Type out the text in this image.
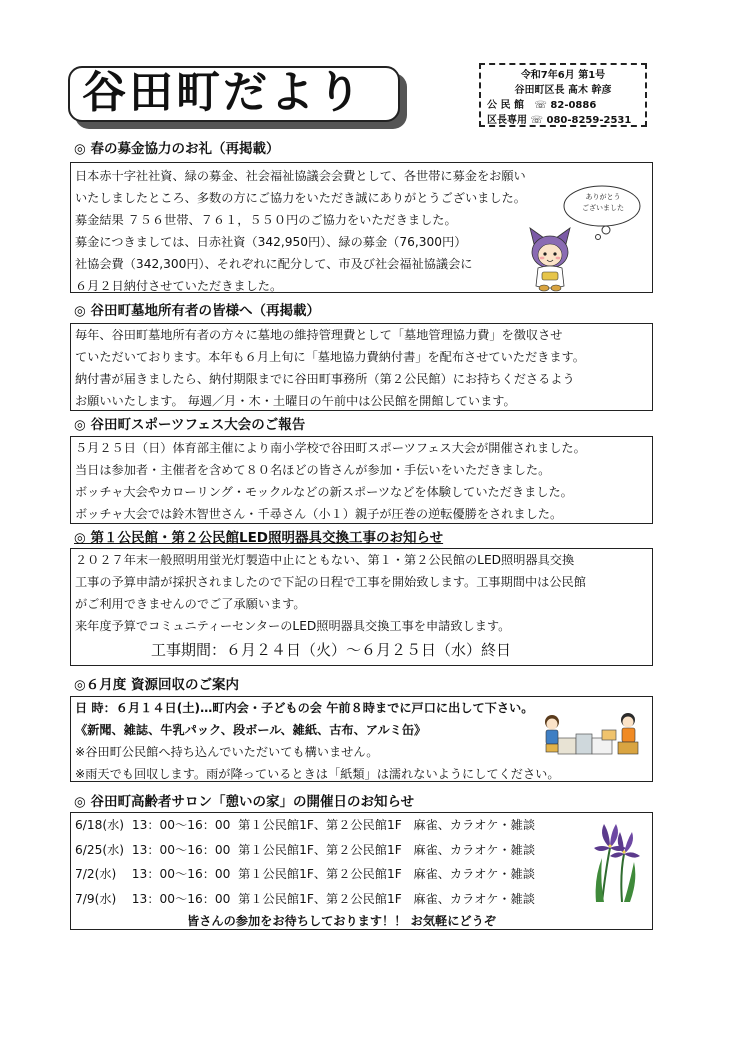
谷田町だより	令和7年6月 第1号
谷田町区長 髙木 幹彦
公 民 館 ☏ 82-0886
区長専用 ☏ 080-8259-2531
◎ 春の募金協力のお礼（再掲載）
日本赤十字社社資、緑の募金、社会福祉協議会会費として、各世帯に募金をお願い
いたしましたところ、多数の方にご協力をいただき誠にありがとうございました。
募金結果 ７５６世帯、７６１，５５０円のご協力をいただきました。
募金につきましては、日赤社資（342,950円）、緑の募金（76,300円）
社協会費（342,300円）、それぞれに配分して、市及び社会福祉協議会に
６月２日納付させていただきました。
ありがとう
ございました
◎ 谷田町墓地所有者の皆様へ（再掲載）
毎年、谷田町墓地所有者の方々に墓地の維持管理費として「墓地管理協力費」を徴収させ
ていただいております。本年も６月上旬に「墓地協力費納付書」を配布させていただきます。
納付書が届きましたら、納付期限までに谷田町事務所（第２公民館）にお持ちくださるよう
お願いいたします。 毎週／月・木・土曜日の午前中は公民館を開館しています。
◎ 谷田町スポーツフェス大会のご報告
５月２５日（日）体育部主催により南小学校で谷田町スポーツフェス大会が開催されました。
当日は参加者・主催者を含めて８０名ほどの皆さんが参加・手伝いをいただきました。
ボッチャ大会やカローリング・モックルなどの新スポーツなどを体験していただきました。
ボッチャ大会では鈴木智世さん・千尋さん（小１）親子が圧巻の逆転優勝をされました。
◎ 第１公民館・第２公民館LED照明器具交換工事のお知らせ
２０２７年末一般照明用蛍光灯製造中止にともない、第１・第２公民館のLED照明器具交換
工事の予算申請が採択されましたので下記の日程で工事を開始致します。工事期間中は公民館
がご利用できませんのでご了承願います。
来年度予算でコミュニティーセンターのLED照明器具交換工事を申請致します。
工事期間：６月２４日（火）〜６月２５日（水）終日
◎６月度 資源回収のご案内
日 時：６月１４日(土)…町内会・子どもの会 午前８時までに戸口に出して下さい。
《新聞、雑誌、牛乳パック、段ボール、雑紙、古布、アルミ缶》
※谷田町公民館へ持ち込んでいただいても構いません。
※雨天でも回収します。雨が降っているときは「紙類」は濡れないようにしてください。
◎ 谷田町高齢者サロン「憩いの家」の開催日のお知らせ
6/18(水)  13：00〜16：00  第１公民館1F、第２公民館1F   麻雀、カラオケ・雑談
6/25(水)  13：00〜16：00  第１公民館1F、第２公民館1F   麻雀、カラオケ・雑談
7/2(水)    13：00〜16：00  第１公民館1F、第２公民館1F   麻雀、カラオケ・雑談
7/9(水)    13：00〜16：00  第１公民館1F、第２公民館1F   麻雀、カラオケ・雑談
皆さんの参加をお待ちしております！！ お気軽にどうぞ
